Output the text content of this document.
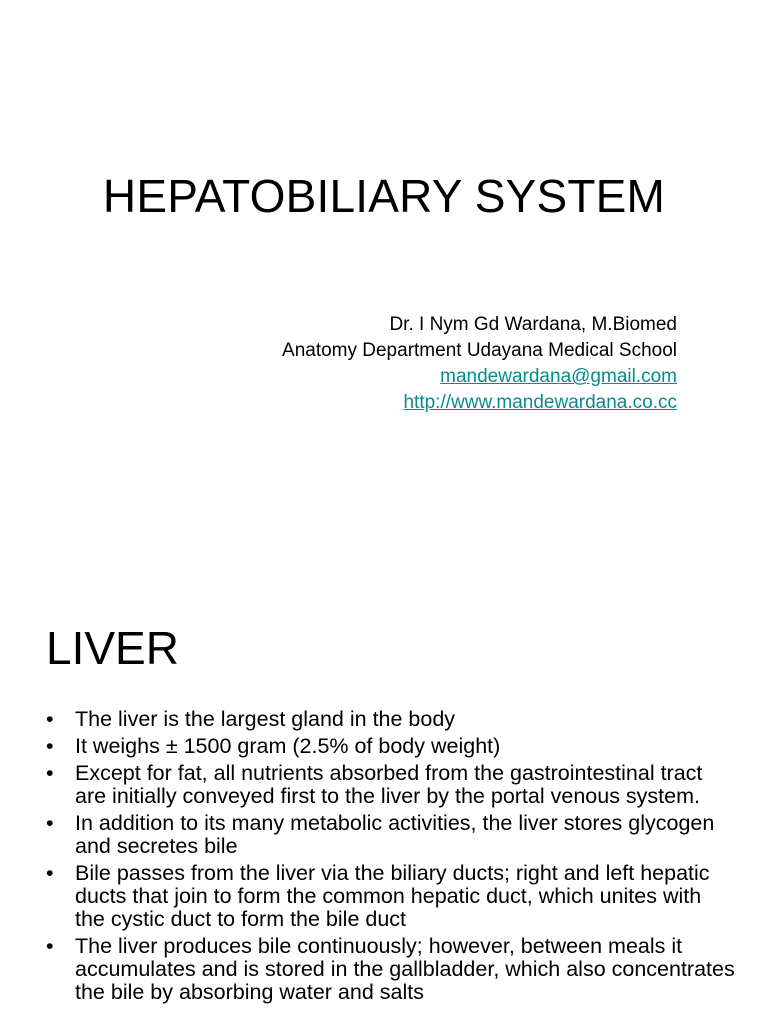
HEPATOBILIARY SYSTEM
Dr. I Nym Gd Wardana, M.Biomed
Anatomy Department Udayana Medical School
mandewardana@gmail.com
http://www.mandewardana.co.cc
LIVER
• The liver is the largest gland in the body
• It weighs ± 1500 gram (2.5% of body weight)
• Except for fat, all nutrients absorbed from the gastrointestinal tract are initially conveyed first to the liver by the portal venous system.
• In addition to its many metabolic activities, the liver stores glycogen and secretes bile
• Bile passes from the liver via the biliary ducts; right and left hepatic ducts that join to form the common hepatic duct, which unites with the cystic duct to form the bile duct
• The liver produces bile continuously; however, between meals it accumulates and is stored in the gallbladder, which also concentrates the bile by absorbing water and salts
